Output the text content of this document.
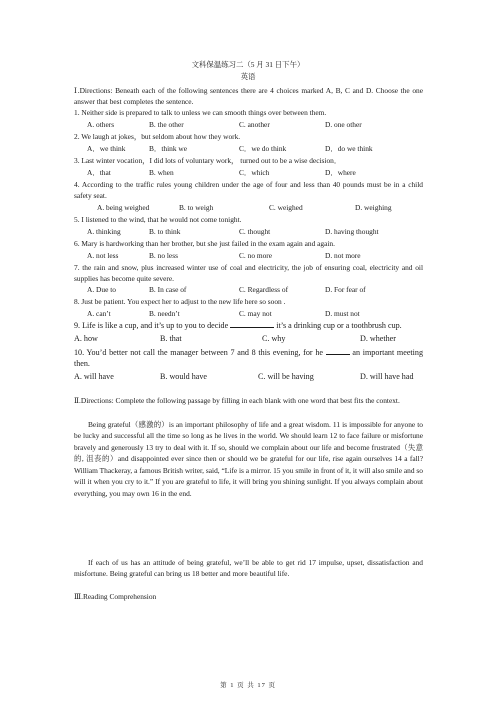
文科保温练习二（5 月 31 日下午）
英语
Ⅰ.Directions: Beneath each of the following sentences there are 4 choices marked A, B, C and D. Choose the one answer that best completes the sentence.
1. Neither side is prepared to talk to unless we can smooth things over between them.
A. others	B. the other	C. another	D. one other
2. We laugh at jokes，but seldom about how they work.
A．we think	B．think we	C．we do think	D．do we think
3. Last winter vocation，I did lots of voluntary work， turned out to be a wise decision．
A．that	B. when	C．which	D．where
4. According to the traffic rules young children under the age of four and less than 40 pounds must be in a child safety seat.
A. being weighed	B. to weigh	C. weighed	D. weighing
5. I listened to the wind, that he would not come tonight.
A. thinking	B. to think	C. thought	D. having thought
6. Mary is hardworking than her brother, but she just failed in the exam again and again.
A. not less	B. no less	C. no more	D. not more
7. the rain and snow, plus increased winter use of coal and electricity, the job of ensuring coal, electricity and oil supplies has become quite severe.
A. Due to	B. In case of	C. Regardless of	D. For fear of
8. Just be patient. You expect her to adjust to the new life here so soon .
A. can’t	B. needn’t	C. may not	D. must not
9. Life is like a cup, and it’s up to you to decide	it’s a drinking cup or a toothbrush cup.
A. how	B. that	C. why	D. whether
10. You’d better not call the manager between 7 and 8 this evening, for he	an important meeting then.
A. will have	B. would have	C. will be having	D. will have had
Ⅱ.Directions: Complete the following passage by filling in each blank with one word that best fits the context.
Being grateful（感激的）is an important philosophy of life and a great wisdom. 11 is impossible for anyone to be lucky and successful all the time so long as he lives in the world. We should learn 12 to face failure or misfortune bravely and generously 13 try to deal with it. If so, should we complain about our life and become frustrated（失意的, 沮丧的）and disappointed ever since then or should we be grateful for our life, rise again ourselves 14 a fall? William Thackeray, a famous British writer, said, “Life is a mirror. 15 you smile in front of it, it will also smile and so will it when you cry to it.” If you are grateful to life, it will bring you shining sunlight. If you always complain about everything, you may own 16 in the end.
If each of us has an attitude of being grateful, we’ll be able to get rid 17 impulse, upset, dissatisfaction and misfortune. Being grateful can bring us 18 better and more beautiful life.
Ⅲ.Reading Comprehension
第 1 页 共 17 页
